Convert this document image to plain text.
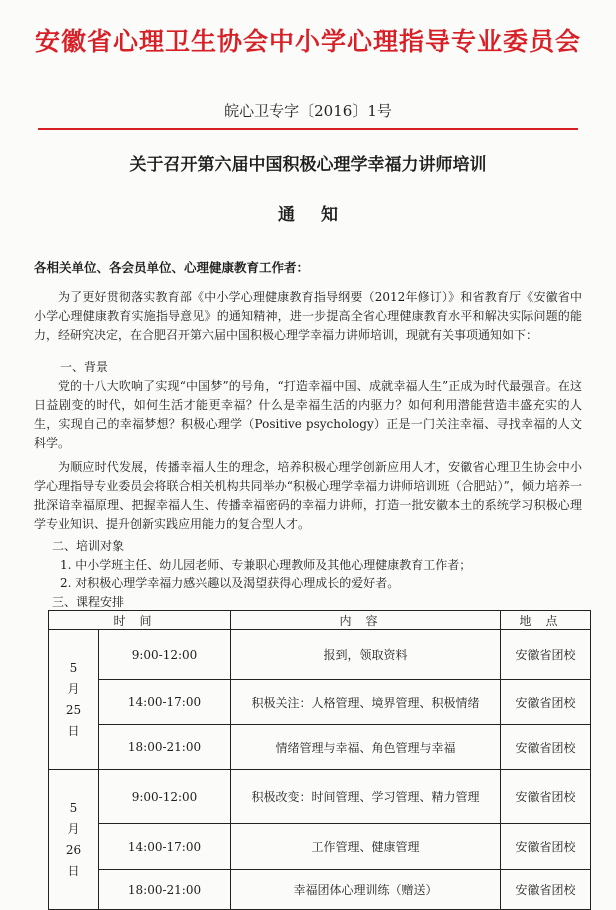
安徽省心理卫生协会中小学心理指导专业委员会
皖心卫专字〔2016〕1号
关于召开第六届中国积极心理学幸福力讲师培训
通知
各相关单位、各会员单位、心理健康教育工作者：
为了更好贯彻落实教育部《中小学心理健康教育指导纲要（2012年修订）》和省教育厅《安徽省中小学心理健康教育实施指导意见》的通知精神，进一步提高全省心理健康教育水平和解决实际问题的能力，经研究决定，在合肥召开第六届中国积极心理学幸福力讲师培训，现就有关事项通知如下：
一、背景
党的十八大吹响了实现“中国梦”的号角，“打造幸福中国、成就幸福人生”正成为时代最强音。在这日益剧变的时代，如何生活才能更幸福？什么是幸福生活的内驱力？如何利用潜能营造丰盛充实的人生，实现自己的幸福梦想？积极心理学（Positive psychology）正是一门关注幸福、寻找幸福的人文科学。
为顺应时代发展，传播幸福人生的理念，培养积极心理学创新应用人才，安徽省心理卫生协会中小学心理指导专业委员会将联合相关机构共同举办“积极心理学幸福力讲师培训班（合肥站）”，倾力培养一批深谙幸福原理、把握幸福人生、传播幸福密码的幸福力讲师，打造一批安徽本土的系统学习积极心理学专业知识、提升创新实践应用能力的复合型人才。
二、培训对象
1. 中小学班主任、幼儿园老师、专兼职心理教师及其他心理健康教育工作者；
2. 对积极心理学幸福力感兴趣以及渴望获得心理成长的爱好者。
三、课程安排
时间		内容	地点

5
月
25
日	9:00-12:00	报到，领取资料	安徽省团校
	14:00-17:00	积极关注：人格管理、境界管理、积极情绪	安徽省团校
	18:00-21:00	情绪管理与幸福、角色管理与幸福	安徽省团校

5
月
26
日	9:00-12:00	积极改变：时间管理、学习管理、精力管理	安徽省团校
	14:00-17:00	工作管理、健康管理	安徽省团校
	18:00-21:00	幸福团体心理训练（赠送）	安徽省团校
